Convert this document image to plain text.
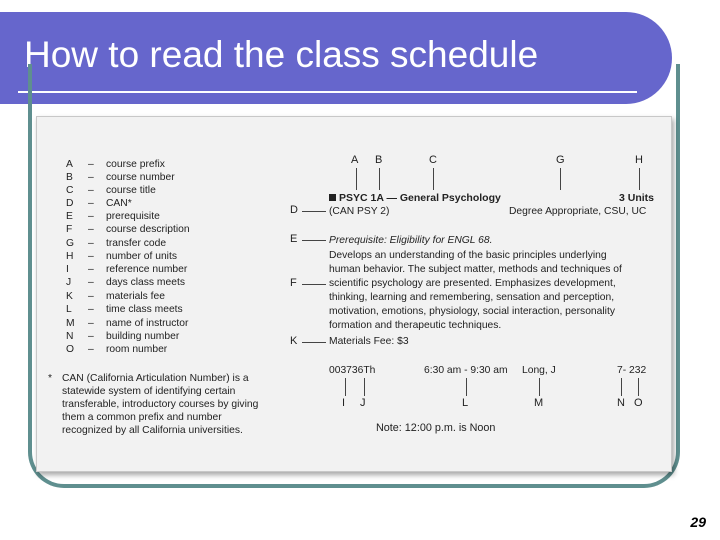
How to read the class schedule
A – course prefix
B – course number
C – course title
D – CAN*
E – prerequisite
F – course description
G – transfer code
H – number of units
I – reference number
J – days class meets
K – materials fee
L – time class meets
M – name of instructor
N – building number
O – room number
* CAN (California Articulation Number) is a
statewide system of identifying certain
transferable, introductory courses by giving
them a common prefix and number
recognized by all California universities.
A B	C	G	H
D
E
F
K
PSYC 1A — General Psychology	3 Units
(CAN PSY 2)	Degree Appropriate, CSU, UC
Prerequisite: Eligibility for ENGL 68.
Develops an understanding of the basic principles underlying
human behavior. The subject matter, methods and techniques of
scientific psychology are presented. Emphasizes development,
thinking, learning and remembering, sensation and perception,
motivation, emotions, physiology, social interaction, personality
formation and therapeutic techniques.
Materials Fee: $3
003736Th	6:30 am - 9:30 am Long, J	7- 232
I J	L	M	N O
Note: 12:00 p.m. is Noon
29
